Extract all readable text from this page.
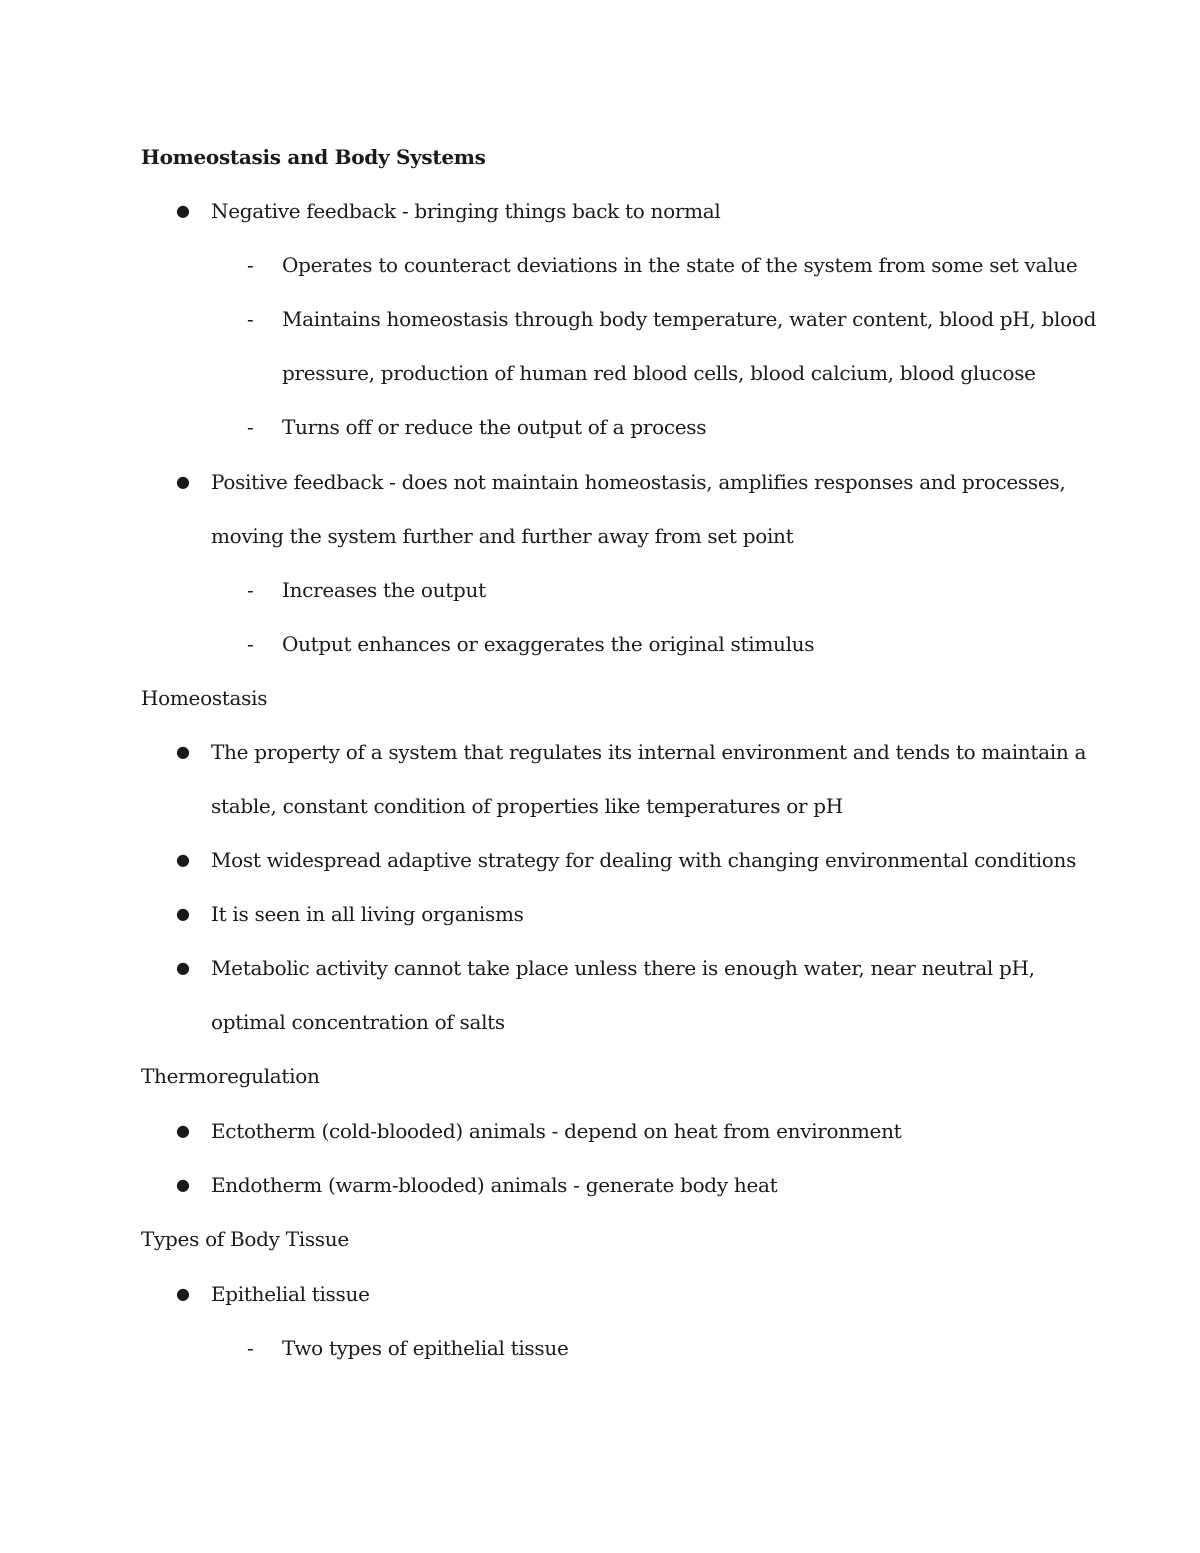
Homeostasis and Body Systems
● Negative feedback - bringing things back to normal
- Operates to counteract deviations in the state of the system from some set value
- Maintains homeostasis through body temperature, water content, blood pH, blood
pressure, production of human red blood cells, blood calcium, blood glucose
- Turns off or reduce the output of a process
● Positive feedback - does not maintain homeostasis, amplifies responses and processes,
moving the system further and further away from set point
- Increases the output
- Output enhances or exaggerates the original stimulus
Homeostasis
● The property of a system that regulates its internal environment and tends to maintain a
stable, constant condition of properties like temperatures or pH
● Most widespread adaptive strategy for dealing with changing environmental conditions
● It is seen in all living organisms
● Metabolic activity cannot take place unless there is enough water, near neutral pH,
optimal concentration of salts
Thermoregulation
● Ectotherm (cold-blooded) animals - depend on heat from environment
● Endotherm (warm-blooded) animals - generate body heat
Types of Body Tissue
● Epithelial tissue
- Two types of epithelial tissue
